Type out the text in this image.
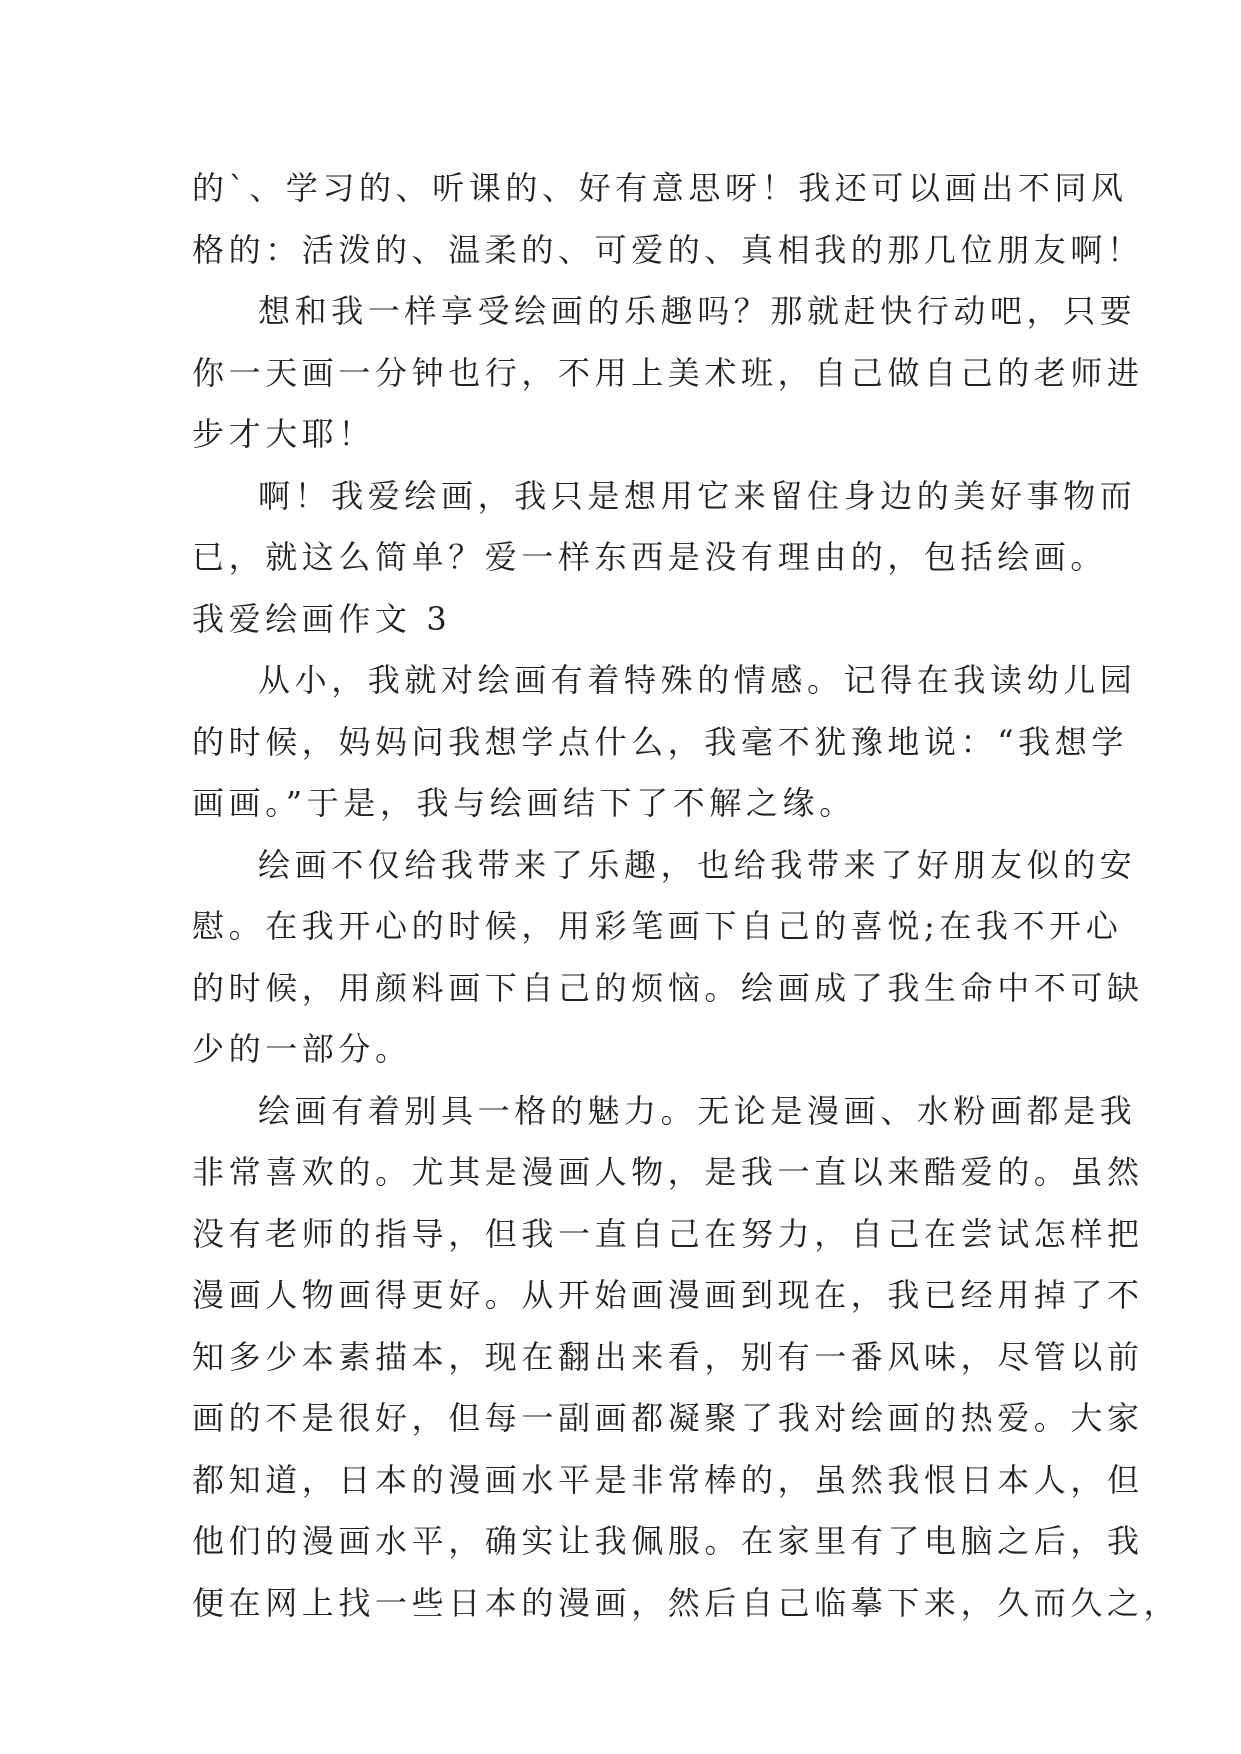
的`、学习的、听课的、好有意思呀！我还可以画出不同风
格的：活泼的、温柔的、可爱的、真相我的那几位朋友啊！
想和我一样享受绘画的乐趣吗？那就赶快行动吧，只要
你一天画一分钟也行，不用上美术班，自己做自己的老师进
步才大耶！
啊！我爱绘画，我只是想用它来留住身边的美好事物而
已，就这么简单？爱一样东西是没有理由的，包括绘画。
我爱绘画作文 3
从小，我就对绘画有着特殊的情感。记得在我读幼儿园
的时候，妈妈问我想学点什么，我毫不犹豫地说：“我想学
画画。”于是，我与绘画结下了不解之缘。
绘画不仅给我带来了乐趣，也给我带来了好朋友似的安
慰。在我开心的时候，用彩笔画下自己的喜悦;在我不开心
的时候，用颜料画下自己的烦恼。绘画成了我生命中不可缺
少的一部分。
绘画有着别具一格的魅力。无论是漫画、水粉画都是我
非常喜欢的。尤其是漫画人物，是我一直以来酷爱的。虽然
没有老师的指导，但我一直自己在努力，自己在尝试怎样把
漫画人物画得更好。从开始画漫画到现在，我已经用掉了不
知多少本素描本，现在翻出来看，别有一番风味，尽管以前
画的不是很好，但每一副画都凝聚了我对绘画的热爱。大家
都知道，日本的漫画水平是非常棒的，虽然我恨日本人，但
他们的漫画水平，确实让我佩服。在家里有了电脑之后，我
便在网上找一些日本的漫画，然后自己临摹下来，久而久之，
